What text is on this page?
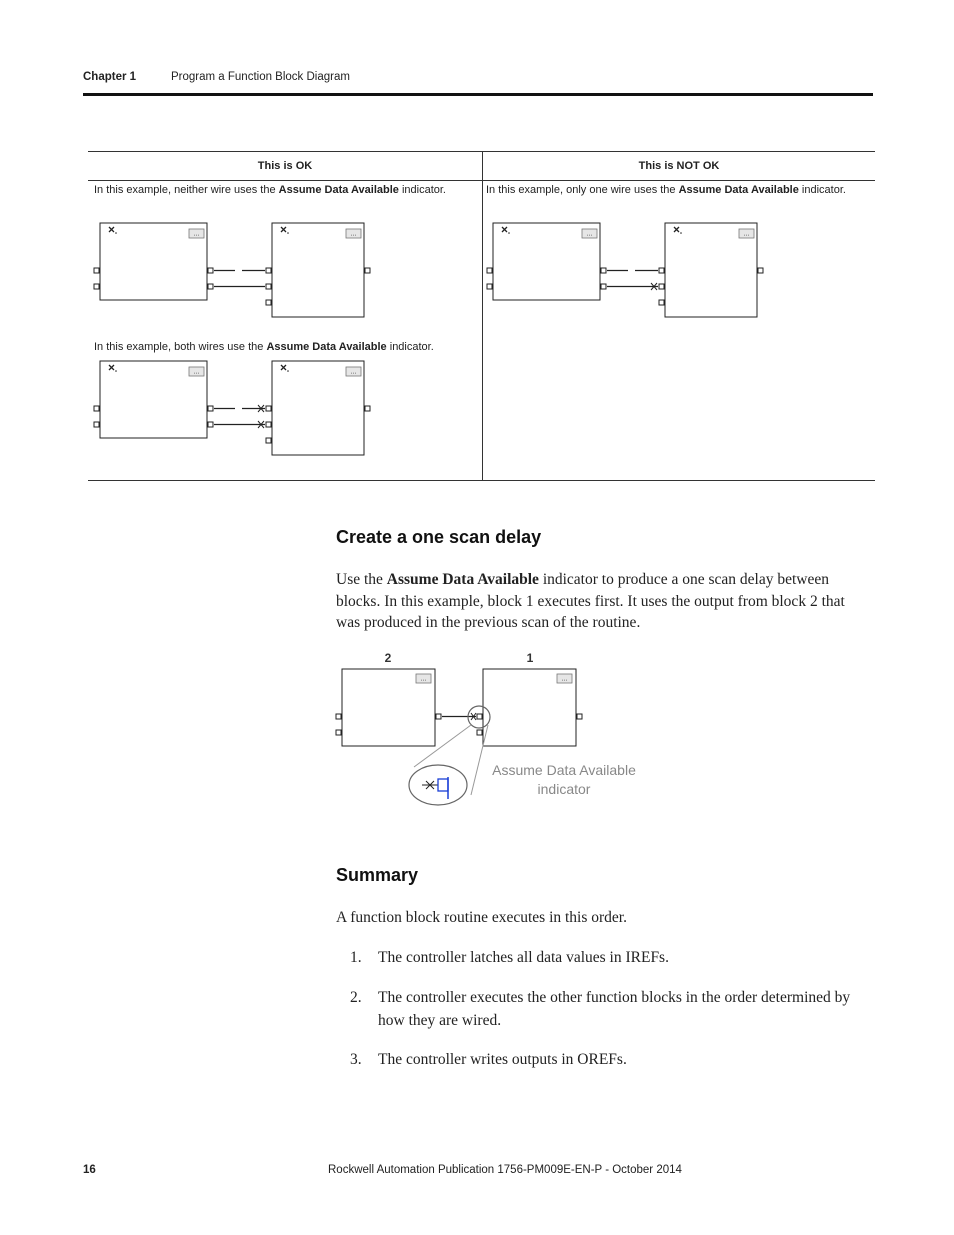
Chapter 1	Program a Function Block Diagram
This is OK	This is NOT OK

In this example, neither wire uses the Assume Data Available indicator.	In this example, only one wire uses the Assume Data Available indicator.
In this example, both wires use the Assume Data Available indicator.
Create a one scan delay
Use the Assume Data Available indicator to produce a one scan delay between blocks. In this example, block 1 executes first. It uses the output from block 2 that was produced in the previous scan of the routine.
2	1
Assume Data Available
indicator
Summary
A function block routine executes in this order.
1. The controller latches all data values in IREFs.
2. The controller executes the other function blocks in the order determined by how they are wired.
3. The controller writes outputs in OREFs.
16	Rockwell Automation Publication 1756-PM009E-EN-P - October 2014
